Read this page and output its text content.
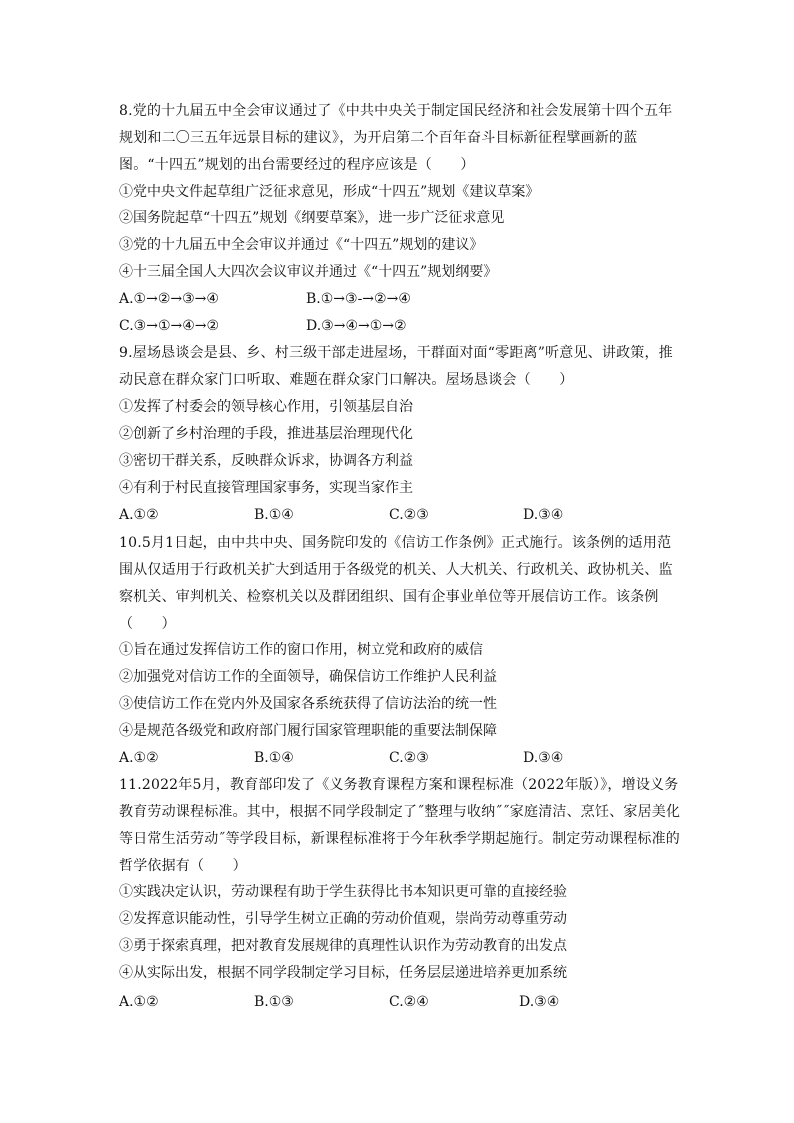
8.党的十九届五中全会审议通过了《中共中央关于制定国民经济和社会发展第十四个五年规划和二〇三五年远景目标的建议》，为开启第二个百年奋斗目标新征程擘画新的蓝图。“十四五”规划的出台需要经过的程序应该是（　　）

①党中央文件起草组广泛征求意见，形成“十四五”规划《建议草案》

②国务院起草“十四五”规划《纲要草案》，进一步广泛征求意见

③党的十九届五中全会审议并通过《“十四五”规划的建议》

④十三届全国人大四次会议审议并通过《“十四五”规划纲要》

A.①→②→③→④	B.①→③-→②→④
C.③→①→④→②	D.③→④→①→②

9.屋场恳谈会是县、乡、村三级干部走进屋场，干群面对面“零距离”听意见、讲政策，推动民意在群众家门口听取、难题在群众家门口解决。屋场恳谈会（　　）

①发挥了村委会的领导核心作用，引领基层自治

②创新了乡村治理的手段，推进基层治理现代化

③密切干群关系，反映群众诉求，协调各方利益

④有利于村民直接管理国家事务，实现当家作主

A.①②	B.①④	C.②③	D.③④

10.5月1日起，由中共中央、国务院印发的《信访工作条例》正式施行。该条例的适用范围从仅适用于行政机关扩大到适用于各级党的机关、人大机关、行政机关、政协机关、监察机关、审判机关、检察机关以及群团组织、国有企事业单位等开展信访工作。该条例（　　）

①旨在通过发挥信访工作的窗口作用，树立党和政府的威信

②加强党对信访工作的全面领导，确保信访工作维护人民利益

③使信访工作在党内外及国家各系统获得了信访法治的统一性

④是规范各级党和政府部门履行国家管理职能的重要法制保障

A.①②	B.①④	C.②③	D.③④

11.2022年5月，教育部印发了《义务教育课程方案和课程标准（2022年版）》，增设义务教育劳动课程标准。其中，根据不同学段制定了˝整理与收纳˝˝家庭清洁、烹饪、家居美化等日常生活劳动˝等学段目标，新课程标准将于今年秋季学期起施行。制定劳动课程标准的哲学依据有（　　）

①实践决定认识，劳动课程有助于学生获得比书本知识更可靠的直接经验

②发挥意识能动性，引导学生树立正确的劳动价值观，崇尚劳动尊重劳动

③勇于探索真理，把对教育发展规律的真理性认识作为劳动教育的出发点

④从实际出发，根据不同学段制定学习目标，任务层层递进培养更加系统

A.①②	B.①③	C.②④	D.③④
